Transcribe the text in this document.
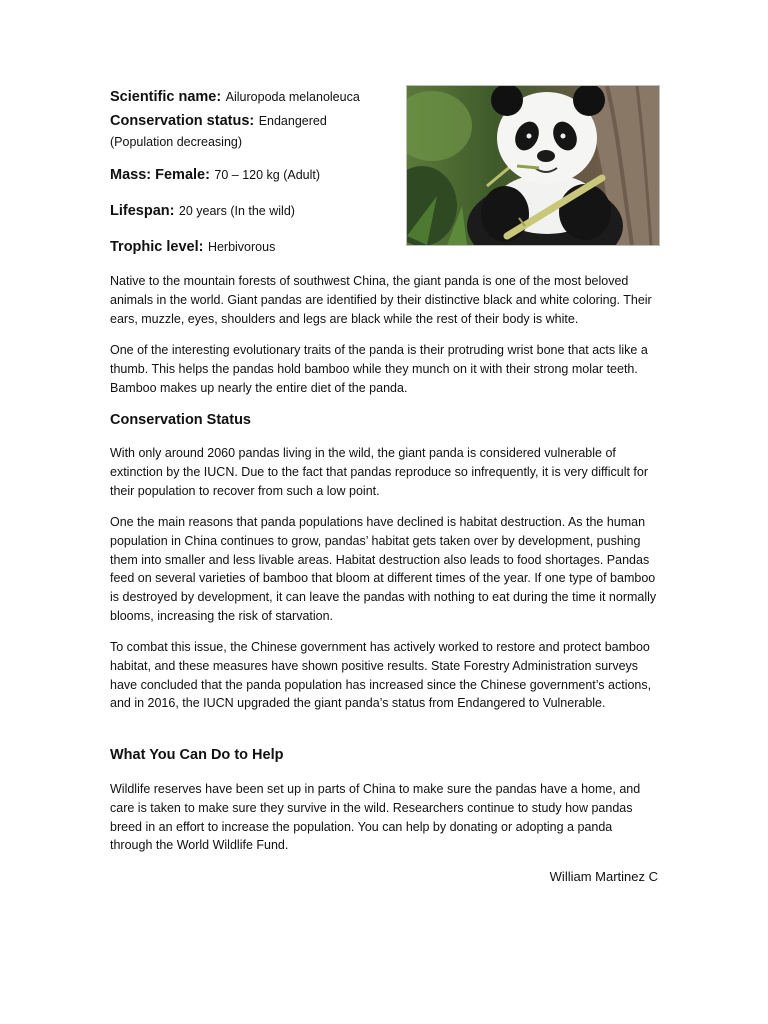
Scientific name: Ailuropoda melanoleuca
Conservation status: Endangered
(Population decreasing)
Mass: Female: 70 – 120 kg (Adult)
Lifespan: 20 years (In the wild)
Trophic level: Herbivorous

Native to the mountain forests of southwest China, the giant panda is one of the most beloved animals in the world. Giant pandas are identified by their distinctive black and white coloring. Their ears, muzzle, eyes, shoulders and legs are black while the rest of their body is white.

One of the interesting evolutionary traits of the panda is their protruding wrist bone that acts like a thumb. This helps the pandas hold bamboo while they munch on it with their strong molar teeth. Bamboo makes up nearly the entire diet of the panda.

Conservation Status

With only around 2060 pandas living in the wild, the giant panda is considered vulnerable of extinction by the IUCN. Due to the fact that pandas reproduce so infrequently, it is very difficult for their population to recover from such a low point.

One the main reasons that panda populations have declined is habitat destruction. As the human population in China continues to grow, pandas’ habitat gets taken over by development, pushing them into smaller and less livable areas. Habitat destruction also leads to food shortages. Pandas feed on several varieties of bamboo that bloom at different times of the year. If one type of bamboo is destroyed by development, it can leave the pandas with nothing to eat during the time it normally blooms, increasing the risk of starvation.

To combat this issue, the Chinese government has actively worked to restore and protect bamboo habitat, and these measures have shown positive results. State Forestry Administration surveys have concluded that the panda population has increased since the Chinese government’s actions, and in 2016, the IUCN upgraded the giant panda’s status from Endangered to Vulnerable.

What You Can Do to Help

Wildlife reserves have been set up in parts of China to make sure the pandas have a home, and care is taken to make sure they survive in the wild. Researchers continue to study how pandas breed in an effort to increase the population. You can help by donating or adopting a panda through the World Wildlife Fund.

William Martinez C
